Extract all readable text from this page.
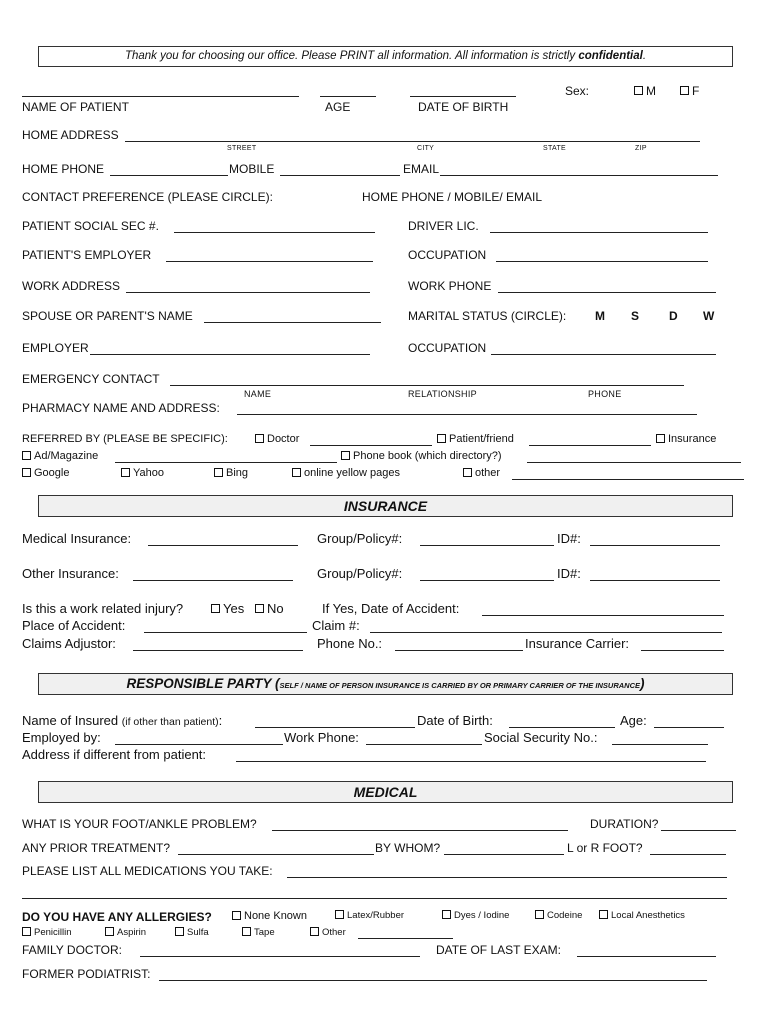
Thank you for choosing our office. Please PRINT all information. All information is strictly confidential.
NAME OF PATIENT	AGE	DATE OF BIRTH
Sex:	M	F
HOME ADDRESS
STREET	CITY	STATE	ZIP
HOME PHONE	MOBILE	EMAIL
CONTACT PREFERENCE (PLEASE CIRCLE):	HOME PHONE / MOBILE/ EMAIL
PATIENT SOCIAL SEC #.	DRIVER LIC.
PATIENT'S EMPLOYER	OCCUPATION
WORK ADDRESS	WORK PHONE
SPOUSE OR PARENT'S NAME	MARITAL STATUS (CIRCLE): M S D W
EMPLOYER	OCCUPATION
EMERGENCY CONTACT
NAME	RELATIONSHIP	PHONE
PHARMACY NAME AND ADDRESS:
REFERRED BY (PLEASE BE SPECIFIC):	Doctor	Patient/friend	Insurance
Ad/Magazine	Phone book (which directory?)
Google	Yahoo	Bing	online yellow pages	other
INSURANCE
Medical Insurance:	Group/Policy#:	ID#:
Other Insurance:	Group/Policy#:	ID#:
Is this a work related injury?	Yes	No	If Yes, Date of Accident:
Place of Accident:	Claim #:
Claims Adjustor:	Phone No.:	Insurance Carrier:
RESPONSIBLE PARTY (SELF / NAME OF PERSON INSURANCE IS CARRIED BY OR PRIMARY CARRIER OF THE INSURANCE)
Name of Insured (if other than patient):	Date of Birth:	Age:
Employed by:	Work Phone:	Social Security No.:
Address if different from patient:
MEDICAL
WHAT IS YOUR FOOT/ANKLE PROBLEM?	DURATION?
ANY PRIOR TREATMENT?	BY WHOM?	L or R FOOT?
PLEASE LIST ALL MEDICATIONS YOU TAKE:
DO YOU HAVE ANY ALLERGIES?	None Known	Latex/Rubber	Dyes / Iodine	Codeine	Local Anesthetics
Penicillin	Aspirin	Sulfa	Tape	Other
FAMILY DOCTOR:	DATE OF LAST EXAM:
FORMER PODIATRIST:
